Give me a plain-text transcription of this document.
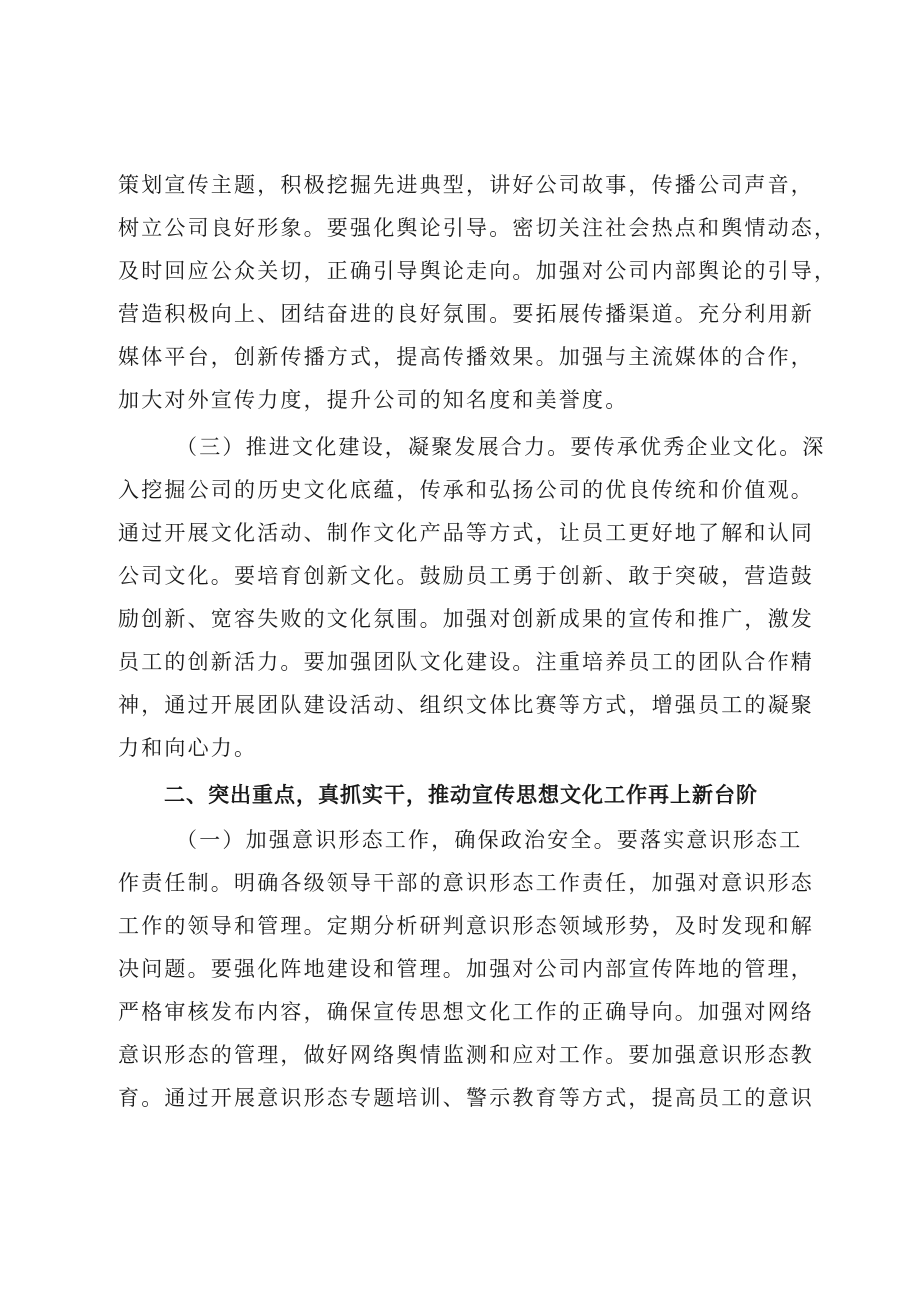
策划宣传主题，积极挖掘先进典型，讲好公司故事，传播公司声音，
树立公司良好形象。要强化舆论引导。密切关注社会热点和舆情动态，
及时回应公众关切，正确引导舆论走向。加强对公司内部舆论的引导，
营造积极向上、团结奋进的良好氛围。要拓展传播渠道。充分利用新
媒体平台，创新传播方式，提高传播效果。加强与主流媒体的合作，
加大对外宣传力度，提升公司的知名度和美誉度。
（三）推进文化建设，凝聚发展合力。要传承优秀企业文化。深
入挖掘公司的历史文化底蕴，传承和弘扬公司的优良传统和价值观。
通过开展文化活动、制作文化产品等方式，让员工更好地了解和认同
公司文化。要培育创新文化。鼓励员工勇于创新、敢于突破，营造鼓
励创新、宽容失败的文化氛围。加强对创新成果的宣传和推广，激发
员工的创新活力。要加强团队文化建设。注重培养员工的团队合作精
神，通过开展团队建设活动、组织文体比赛等方式，增强员工的凝聚
力和向心力。
二、突出重点，真抓实干，推动宣传思想文化工作再上新台阶
（一）加强意识形态工作，确保政治安全。要落实意识形态工
作责任制。明确各级领导干部的意识形态工作责任，加强对意识形态
工作的领导和管理。定期分析研判意识形态领域形势，及时发现和解
决问题。要强化阵地建设和管理。加强对公司内部宣传阵地的管理，
严格审核发布内容，确保宣传思想文化工作的正确导向。加强对网络
意识形态的管理，做好网络舆情监测和应对工作。要加强意识形态教
育。通过开展意识形态专题培训、警示教育等方式，提高员工的意识
